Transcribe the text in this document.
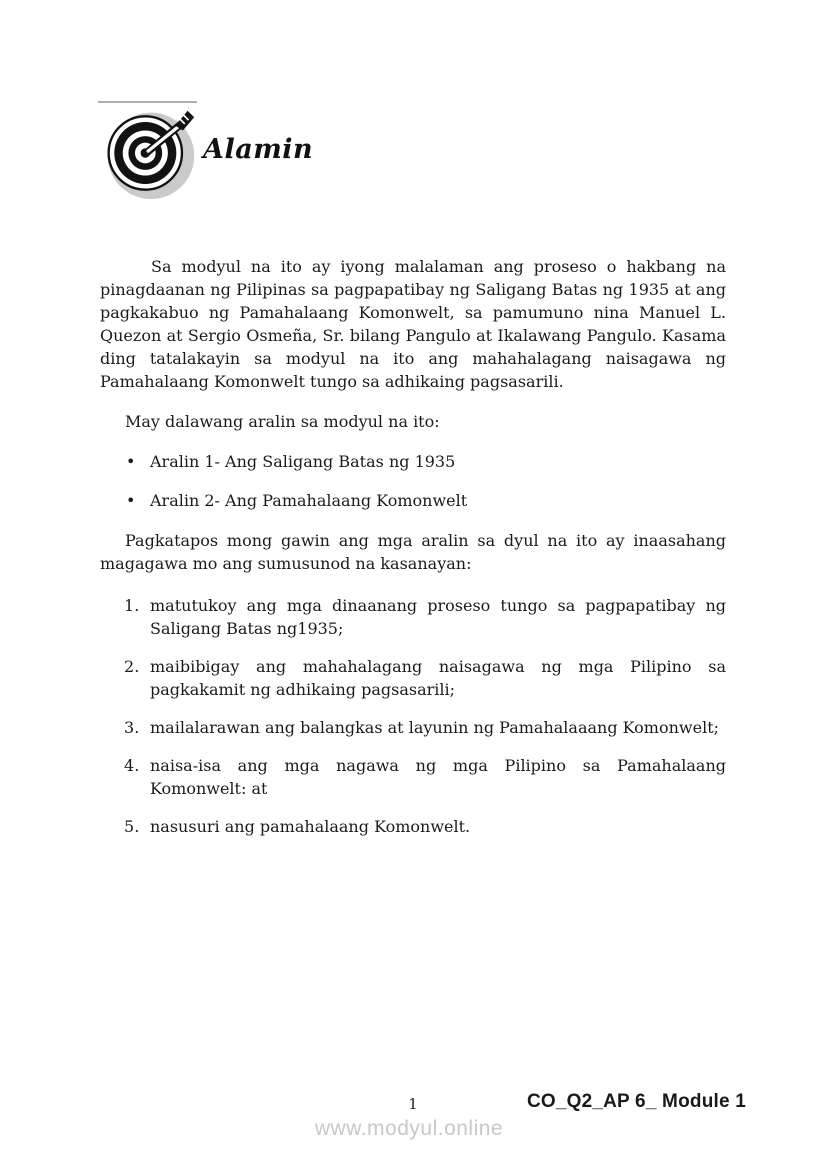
Alamin

Sa modyul na ito ay iyong malalaman ang proseso o hakbang na pinagdaanan ng Pilipinas sa pagpapatibay ng Saligang Batas ng 1935 at ang pagkakabuo ng Pamahalaang Komonwelt, sa pamumuno nina Manuel L. Quezon at Sergio Osmeña, Sr. bilang Pangulo at Ikalawang Pangulo. Kasama ding tatalakayin sa modyul na ito ang mahahalagang naisagawa ng Pamahalaang Komonwelt tungo sa adhikaing pagsasarili.

May dalawang aralin sa modyul na ito:

• Aralin 1- Ang Saligang Batas ng 1935
• Aralin 2- Ang Pamahalaang Komonwelt

Pagkatapos mong gawin ang mga aralin sa dyul na ito ay inaasahang magagawa mo ang sumusunod na kasanayan:

matutukoy ang mga dinaanang proseso tungo sa pagpapatibay ng Saligang Batas ng1935;
maibibigay ang mahahalagang naisagawa ng mga Pilipino sa pagkakamit ng adhikaing pagsasarili;
mailalarawan ang balangkas at layunin ng Pamahalaaang Komonwelt;
naisa-isa ang mga nagawa ng mga Pilipino sa Pamahalaang Komonwelt: at
nasusuri ang pamahalaang Komonwelt.
1	CO_Q2_AP 6_ Module 1
www.modyul.online
